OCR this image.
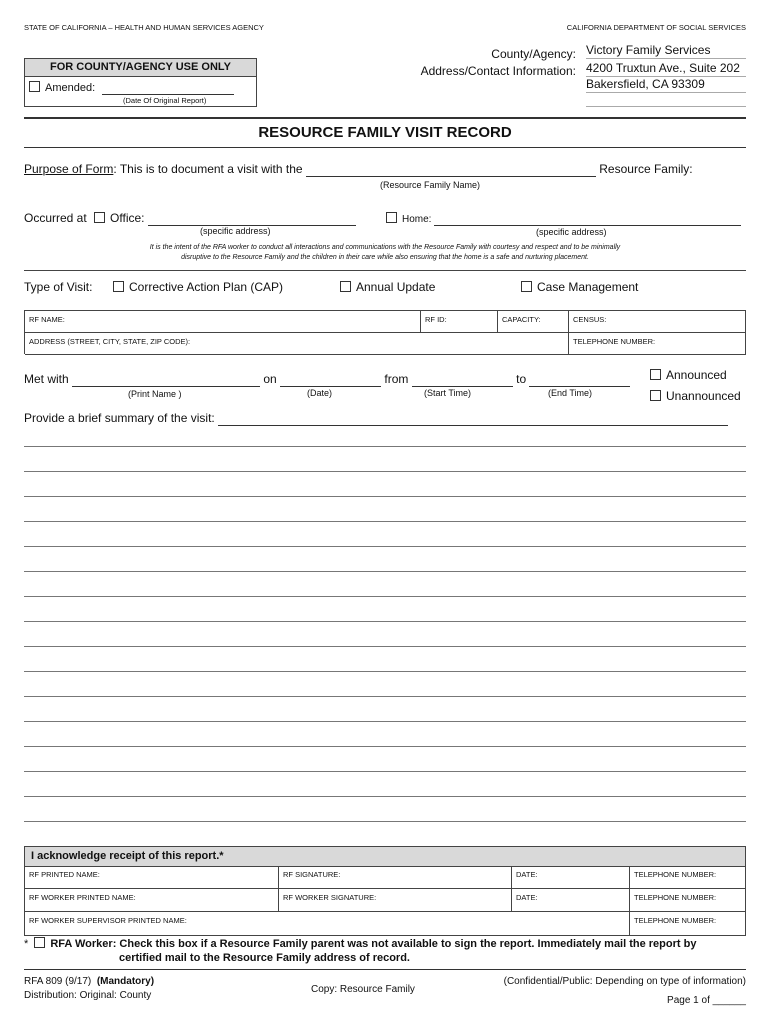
STATE OF CALIFORNIA – HEALTH AND HUMAN SERVICES AGENCY	CALIFORNIA DEPARTMENT OF SOCIAL SERVICES
FOR COUNTY/AGENCY USE ONLY
Amended:
(Date Of Original Report)
County/Agency: Victory Family Services
Address/Contact Information: 4200 Truxtun Ave., Suite 202
Bakersfield, CA 93309
RESOURCE FAMILY VISIT RECORD
Purpose of Form: This is to document a visit with the	Resource Family:
(Resource Family Name)
Occurred at Office:	Home:
(specific address)	(specific address)
It is the intent of the RFA worker to conduct all interactions and communications with the Resource Family with courtesy and respect and to be minimally
disruptive to the Resource Family and the children in their care while also ensuring that the home is a safe and nurturing placement.
Type of Visit:	Corrective Action Plan (CAP)	Annual Update	Case Management
RF NAME:	RF ID:	CAPACITY:	CENSUS:
ADDRESS (STREET, CITY, STATE, ZIP CODE):	TELEPHONE NUMBER:
Met with	on	from	to
(Print Name )	(Date)	(Start Time)	(End Time)
Announced
Unannounced
Provide a brief summary of the visit:
I acknowledge receipt of this report.*
RF PRINTED NAME:	RF SIGNATURE:	DATE:	TELEPHONE NUMBER:
RF WORKER PRINTED NAME:	RF WORKER SIGNATURE:	DATE:	TELEPHONE NUMBER:
RF WORKER SUPERVISOR PRINTED NAME:	TELEPHONE NUMBER:
* RFA Worker: Check this box if a Resource Family parent was not available to sign the report. Immediately mail the report by
certified mail to the Resource Family address of record.
RFA 809 (9/17) (Mandatory)
Distribution: Original: County
Copy: Resource Family
(Confidential/Public: Depending on type of information)
Page 1 of ______
